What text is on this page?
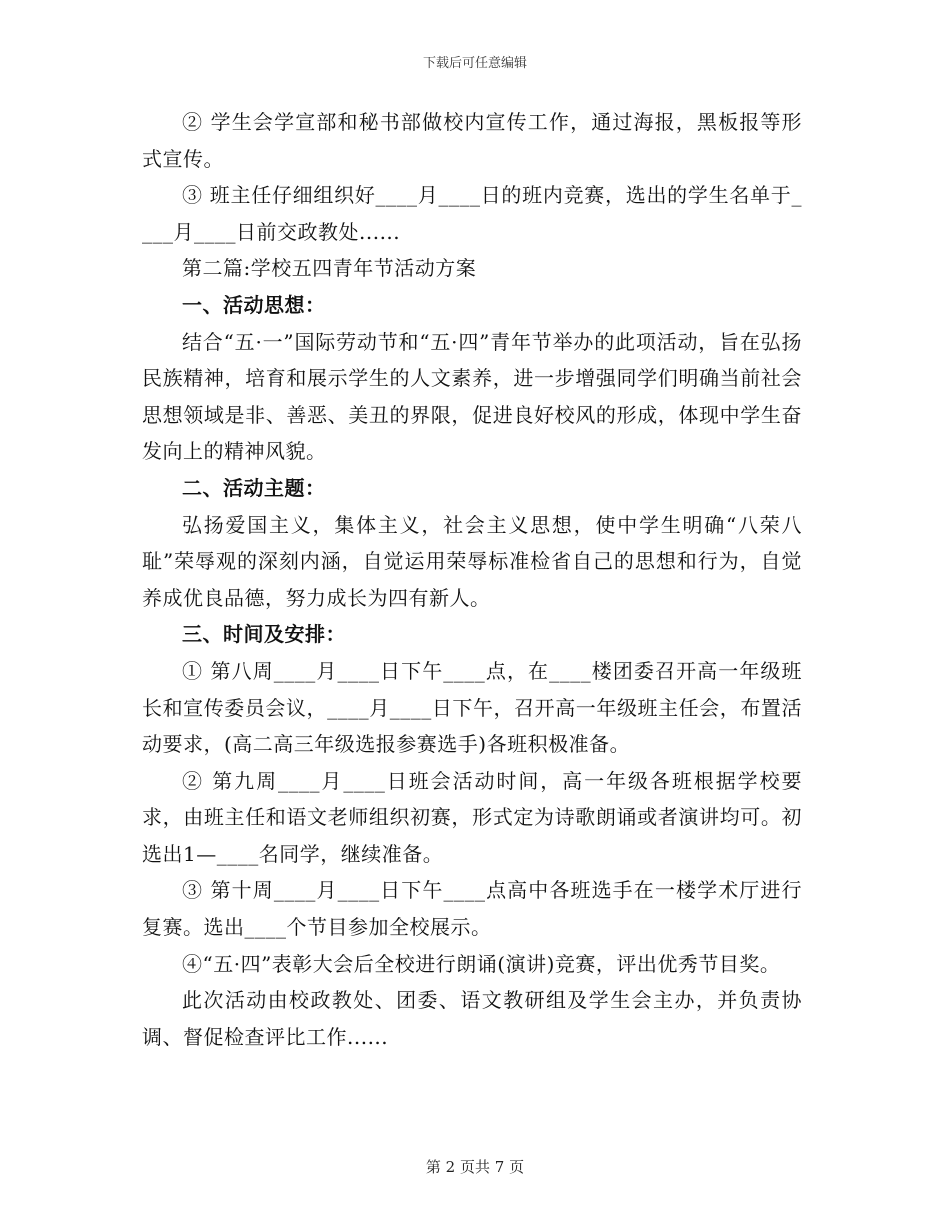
下载后可任意编辑

② 学生会学宣部和秘书部做校内宣传工作，通过海报，黑板报等形式宣传。

③ 班主任仔细组织好____月____日的班内竞赛，选出的学生名单于____月____日前交政教处......

第二篇:学校五四青年节活动方案

一、活动思想：

结合“五·一”国际劳动节和“五·四”青年节举办的此项活动，旨在弘扬民族精神，培育和展示学生的人文素养，进一步增强同学们明确当前社会思想领域是非、善恶、美丑的界限，促进良好校风的形成，体现中学生奋发向上的精神风貌。

二、活动主题：

弘扬爱国主义，集体主义，社会主义思想，使中学生明确“八荣八耻”荣辱观的深刻内涵，自觉运用荣辱标准检省自己的思想和行为，自觉养成优良品德，努力成长为四有新人。

三、时间及安排：

① 第八周____月____日下午____点，在____楼团委召开高一年级班长和宣传委员会议，____月____日下午，召开高一年级班主任会，布置活动要求，(高二高三年级选报参赛选手)各班积极准备。

② 第九周____月____日班会活动时间，高一年级各班根据学校要求，由班主任和语文老师组织初赛，形式定为诗歌朗诵或者演讲均可。初选出1—____名同学，继续准备。

③ 第十周____月____日下午____点高中各班选手在一楼学术厅进行复赛。选出____个节目参加全校展示。

④“五·四”表彰大会后全校进行朗诵(演讲)竞赛，评出优秀节目奖。

此次活动由校政教处、团委、语文教研组及学生会主办，并负责协调、督促检查评比工作......

第 2 页共 7 页
